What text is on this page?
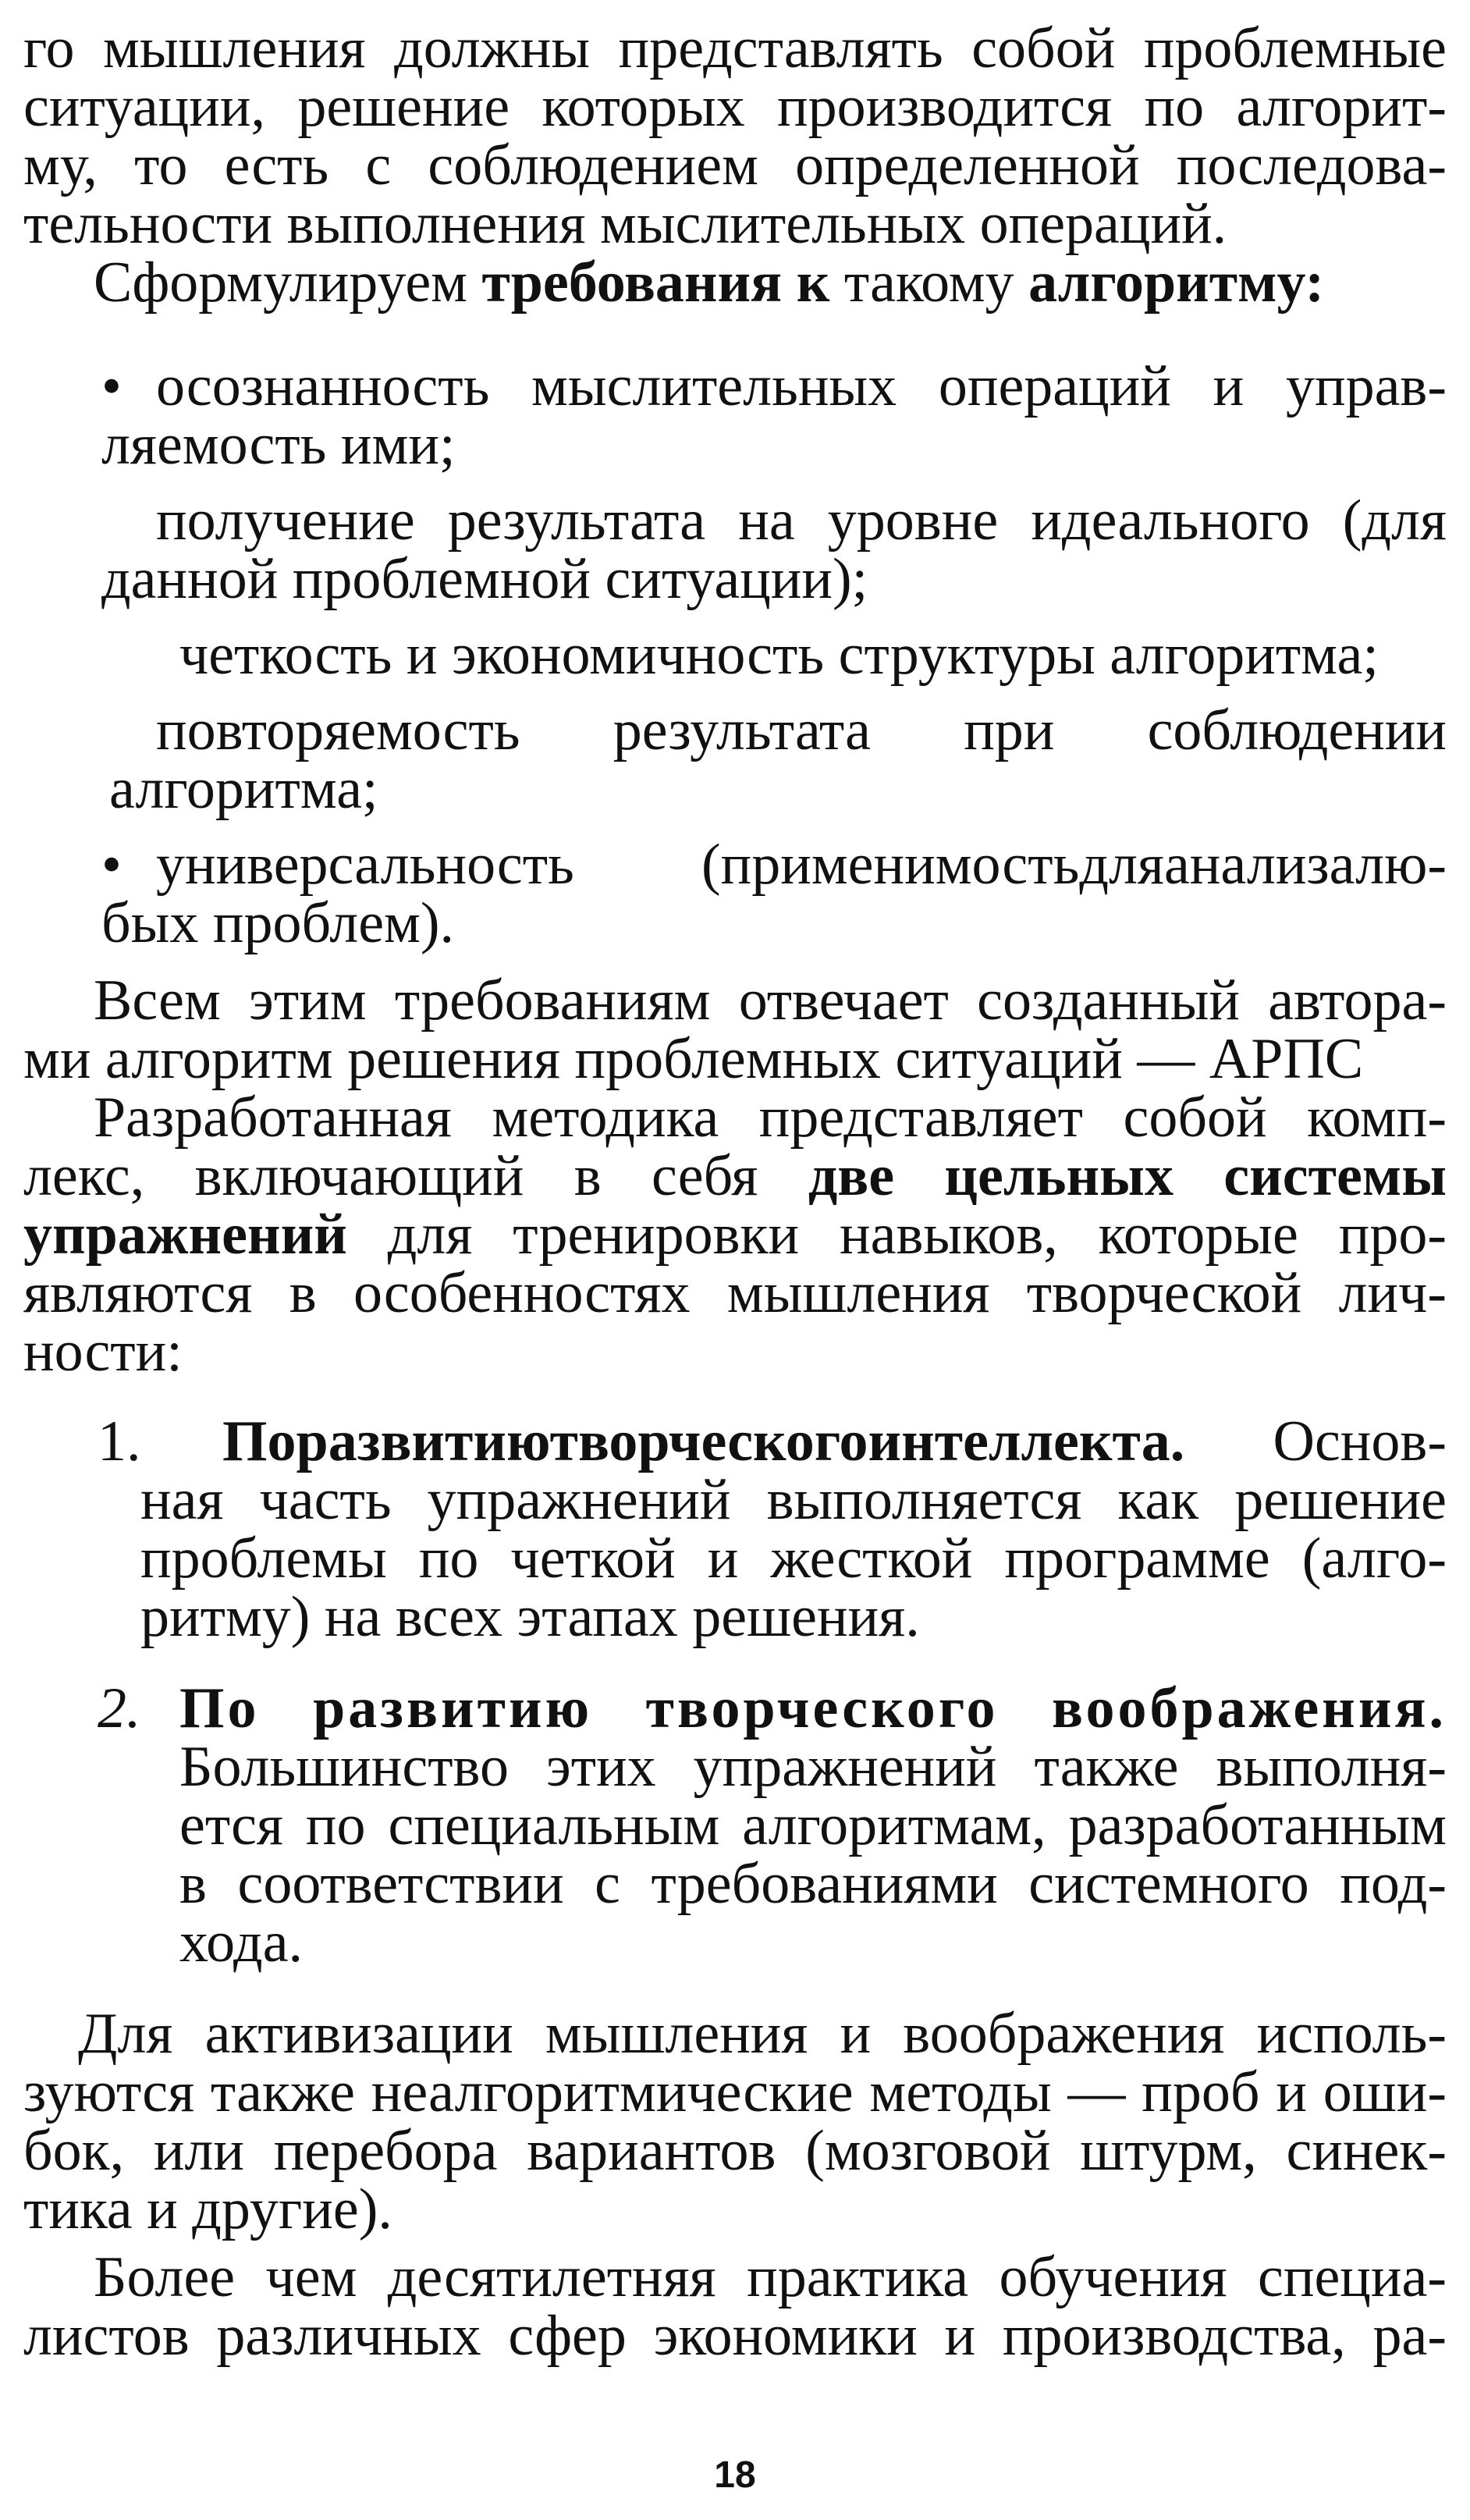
го мышления должны представлять собой проблемные
ситуации, решение которых производится по алгорит-
му, то есть с соблюдением определенной последова-
тельности выполнения мыслительных операций.

Сформулируем требования к такому алгоритму:

• осознанность мыслительных операций и управ-
ляемость ими;
получение результата на уровне идеального (для
данной проблемной ситуации);
четкость и экономичность структуры алгоритма;
повторяемость результата при соблюдении
алгоритма;
• универсальность (применимостьдляанализалю-
бых проблем).

Всем этим требованиям отвечает созданный автора-
ми алгоритм решения проблемных ситуаций — АРПС

Разработанная методика представляет собой комп-
лекс, включающий в себя две цельных системы
упражнений для тренировки навыков, которые про-
являются в особенностях мышления творческой лич-
ности:

1. Поразвитиютворческогоинтеллекта. Основ-
ная часть упражнений выполняется как решение
проблемы по четкой и жесткой программе (алго-
ритму) на всех этапах решения.
2. По развитию творческого воображения.
Большинство этих упражнений также выполня-
ется по специальным алгоритмам, разработанным
в соответствии с требованиями системного под-
хода.

Для активизации мышления и воображения исполь-
зуются также неалгоритмические методы — проб и оши-
бок, или перебора вариантов (мозговой штурм, синек-
тика и другие).

Более чем десятилетняя практика обучения специа-
листов различных сфер экономики и производства, ра-

18
